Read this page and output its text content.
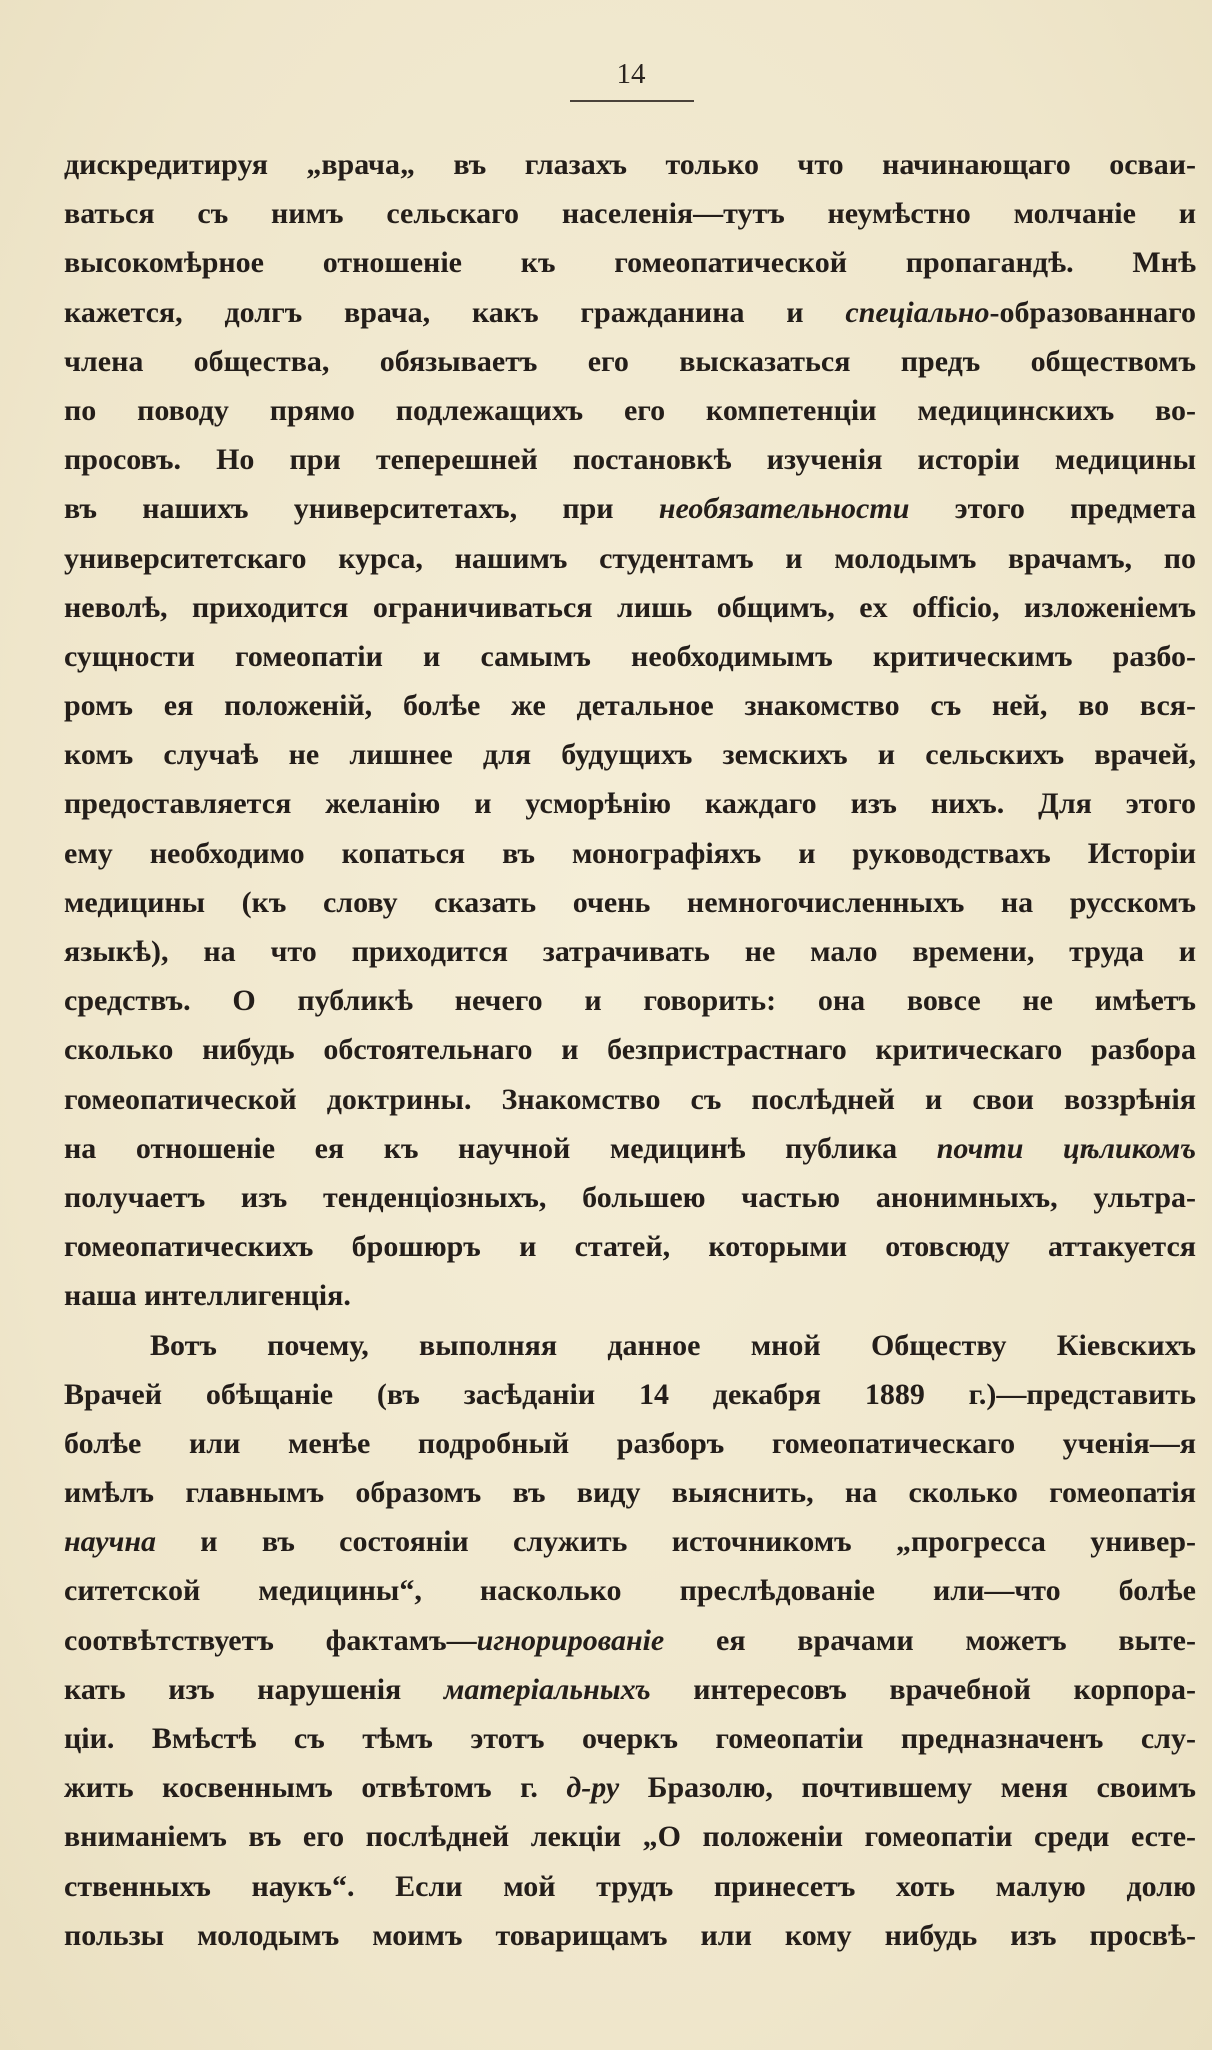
14
дискредитируя „врача„ въ глазахъ только что начинающаго осваи-
ваться съ нимъ сельскаго населенія—тутъ неумѣстно молчаніе и
высокомѣрное отношеніе къ гомеопатической пропагандѣ. Мнѣ
кажется, долгъ врача, какъ гражданина и спеціально-образованнаго
члена общества, обязываетъ его высказаться предъ обществомъ
по поводу прямо подлежащихъ его компетенціи медицинскихъ во-
просовъ. Но при теперешней постановкѣ изученія исторіи медицины
въ нашихъ университетахъ, при необязательности этого предмета
университетскаго курса, нашимъ студентамъ и молодымъ врачамъ, по
неволѣ, приходится ограничиваться лишь общимъ, ex officio, изложеніемъ
сущности гомеопатіи и самымъ необходимымъ критическимъ разбо-
ромъ ея положеній, болѣе же детальное знакомство съ ней, во вся-
комъ случаѣ не лишнее для будущихъ земскихъ и сельскихъ врачей,
предоставляется желанію и усморѣнію каждаго изъ нихъ. Для этого
ему необходимо копаться въ монографіяхъ и руководствахъ Исторіи
медицины (къ слову сказать очень немногочисленныхъ на русскомъ
языкѣ), на что приходится затрачивать не мало времени, труда и
средствъ. О публикѣ нечего и говорить: она вовсе не имѣетъ
сколько нибудь обстоятельнаго и безпристрастнаго критическаго разбора
гомеопатической доктрины. Знакомство съ послѣдней и свои воззрѣнія
на отношеніе ея къ научной медицинѣ публика почти цѣликомъ
получаетъ изъ тенденціозныхъ, большею частью анонимныхъ, ультра-
гомеопатическихъ брошюръ и статей, которыми отовсюду аттакуется
наша интеллигенція.
Вотъ почему, выполняя данное мной Обществу Кіевскихъ
Врачей обѣщаніе (въ засѣданіи 14 декабря 1889 г.)—представить
болѣе или менѣе подробный разборъ гомеопатическаго ученія—я
имѣлъ главнымъ образомъ въ виду выяснить, на сколько гомеопатія
научна и въ состояніи служить источникомъ „прогресса универ-
ситетской медицины“, насколько преслѣдованіе или—что болѣе
соотвѣтствуетъ фактамъ—игнорированіе ея врачами можетъ выте-
кать изъ нарушенія матеріальныхъ интересовъ врачебной корпора-
ціи. Вмѣстѣ съ тѣмъ этотъ очеркъ гомеопатіи предназначенъ слу-
жить косвеннымъ отвѣтомъ г. д-ру Бразолю, почтившему меня своимъ
вниманіемъ въ его послѣдней лекціи „О положеніи гомеопатіи среди есте-
ственныхъ наукъ“. Если мой трудъ принесетъ хоть малую долю
пользы молодымъ моимъ товарищамъ или кому нибудь изъ просвѣ-
